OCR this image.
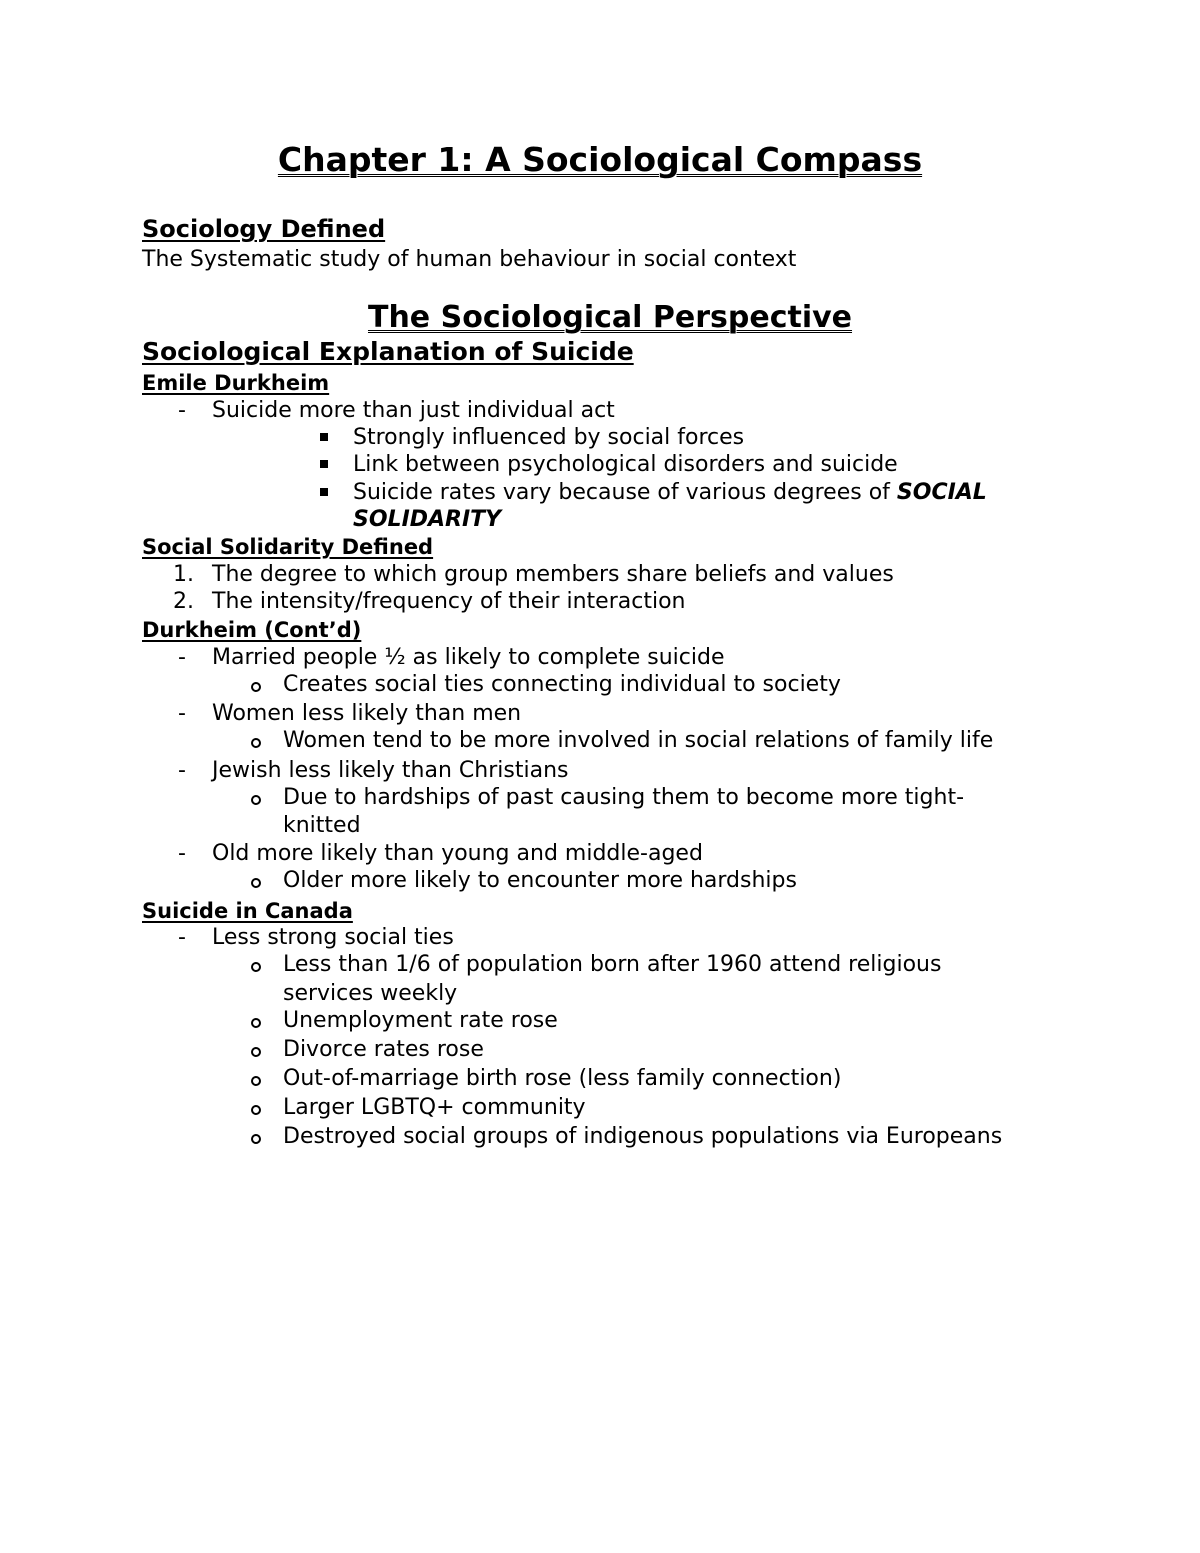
Chapter 1: A Sociological Compass
Sociology Defined
The Systematic study of human behaviour in social context
The Sociological Perspective
Sociological Explanation of Suicide
Emile Durkheim
- Suicide more than just individual act
Strongly influenced by social forces
Link between psychological disorders and suicide
Suicide rates vary because of various degrees of SOCIAL
SOLIDARITY
Social Solidarity Defined
1. The degree to which group members share beliefs and values
2. The intensity/frequency of their interaction
Durkheim (Cont’d)
- Married people ½ as likely to complete suicide
Creates social ties connecting individual to society
- Women less likely than men
Women tend to be more involved in social relations of family life
- Jewish less likely than Christians
Due to hardships of past causing them to become more tight-
knitted
- Old more likely than young and middle-aged
Older more likely to encounter more hardships
Suicide in Canada
- Less strong social ties
Less than 1/6 of population born after 1960 attend religious
services weekly
Unemployment rate rose
Divorce rates rose
Out-of-marriage birth rose (less family connection)
Larger LGBTQ+ community
Destroyed social groups of indigenous populations via Europeans
